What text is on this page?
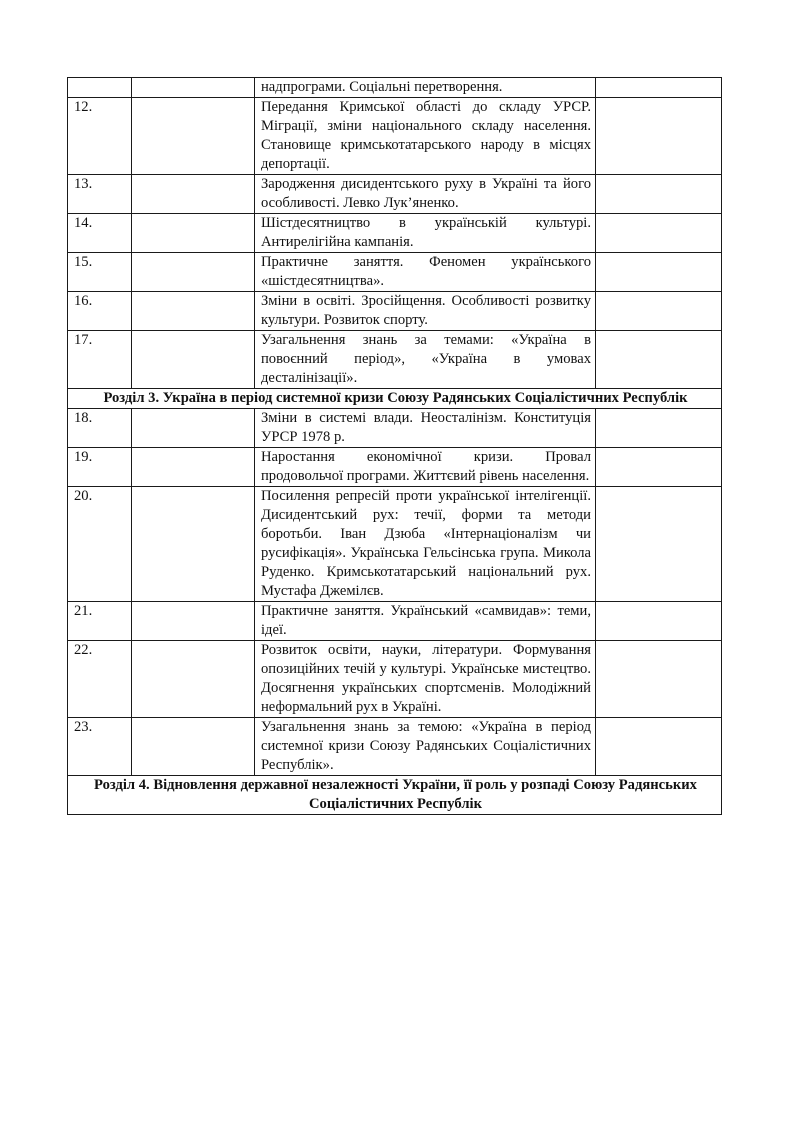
		надпрограми. Соціальні перетворення.	
12.		Передання Кримської області до складу УРСР. Міграції, зміни національного складу населення. Становище кримськотатарського народу в місцях депортації.	
13.		Зародження дисидентського руху в Україні та його особливості. Левко Лук’яненко.	
14.		Шістдесятництво в українській культурі. Антирелігійна кампанія.	
15.		Практичне заняття. Феномен українського «шістдесятництва».	
16.		Зміни в освіті. Зросійщення. Особливості розвитку культури. Розвиток спорту.	
17.		Узагальнення знань за темами: «Україна в повоєнний період», «Україна в умовах десталінізації».	
Розділ 3. Україна в період системної кризи Союзу Радянських Соціалістичних Республік			
18.		Зміни в системі влади. Неосталінізм. Конституція УРСР 1978 р.	
19.		Наростання економічної кризи. Провал продовольчої програми. Життєвий рівень населення.	
20.		Посилення репресій проти української інтелігенції. Дисидентський рух: течії, форми та методи боротьби. Іван Дзюба «Інтернаціоналізм чи русифікація». Українська Гельсінська група. Микола Руденко. Кримськотатарський національний рух. Мустафа Джемілєв.	
21.		Практичне заняття. Український «самвидав»: теми, ідеї.	
22.		Розвиток освіти, науки, літератури. Формування опозиційних течій у культурі. Українське мистецтво. Досягнення українських спортсменів. Молодіжний неформальний рух в Україні.	
23.		Узагальнення знань за темою: «Україна в період системної кризи Союзу Радянських Соціалістичних Республік».	
Розділ 4. Відновлення державної незалежності України, її роль у розпаді Союзу Радянських Соціалістичних Республік			
